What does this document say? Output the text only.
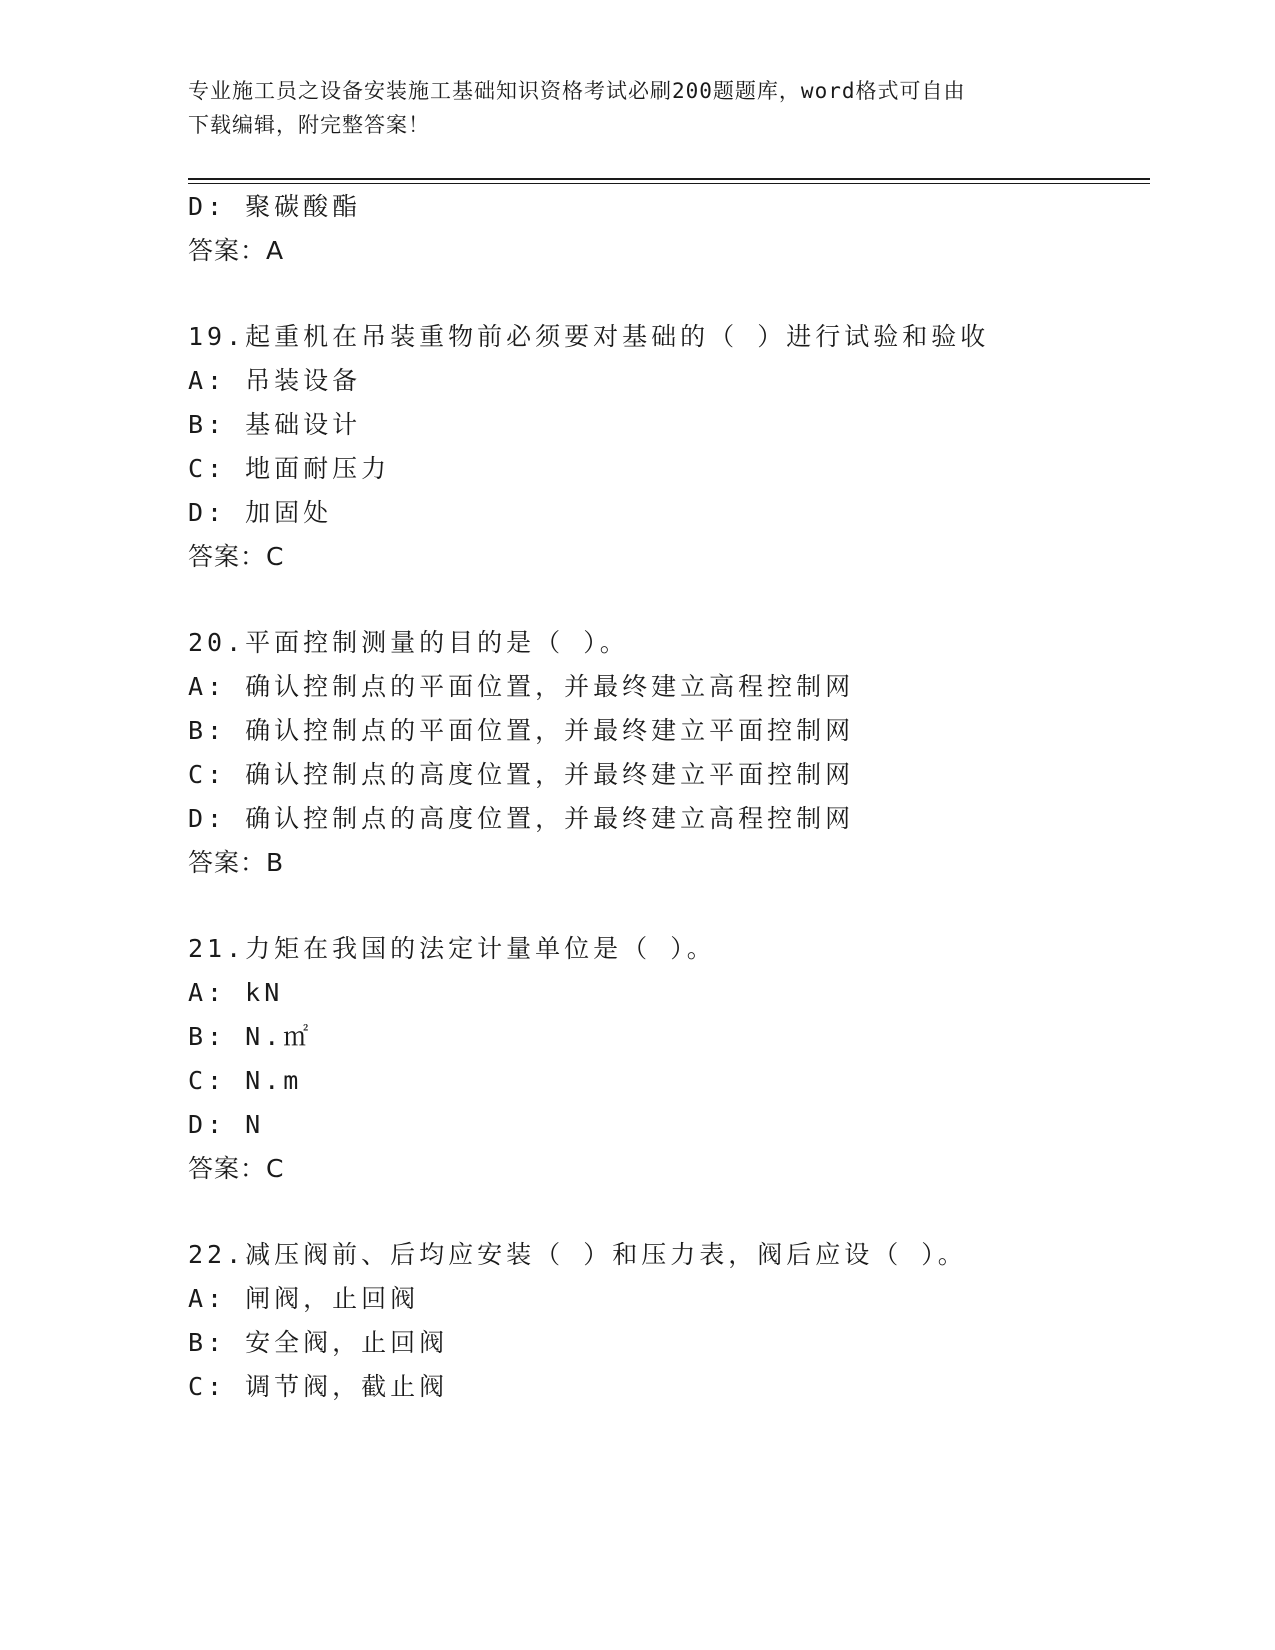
专业施工员之设备安装施工基础知识资格考试必刷200题题库，word格式可自由
下载编辑，附完整答案！
D: 聚碳酸酯
答案：A
19.起重机在吊装重物前必须要对基础的（ ）进行试验和验收
A: 吊装设备
B: 基础设计
C: 地面耐压力
D: 加固处
答案：C
20.平面控制测量的目的是（ ）。
A: 确认控制点的平面位置，并最终建立高程控制网
B: 确认控制点的平面位置，并最终建立平面控制网
C: 确认控制点的高度位置，并最终建立平面控制网
D: 确认控制点的高度位置，并最终建立高程控制网
答案：B
21.力矩在我国的法定计量单位是（ ）。
A: kN
B: N.㎡
C: N.m
D: N
答案：C
22.减压阀前、后均应安装（ ）和压力表，阀后应设（ ）。
A: 闸阀，止回阀
B: 安全阀，止回阀
C: 调节阀，截止阀
